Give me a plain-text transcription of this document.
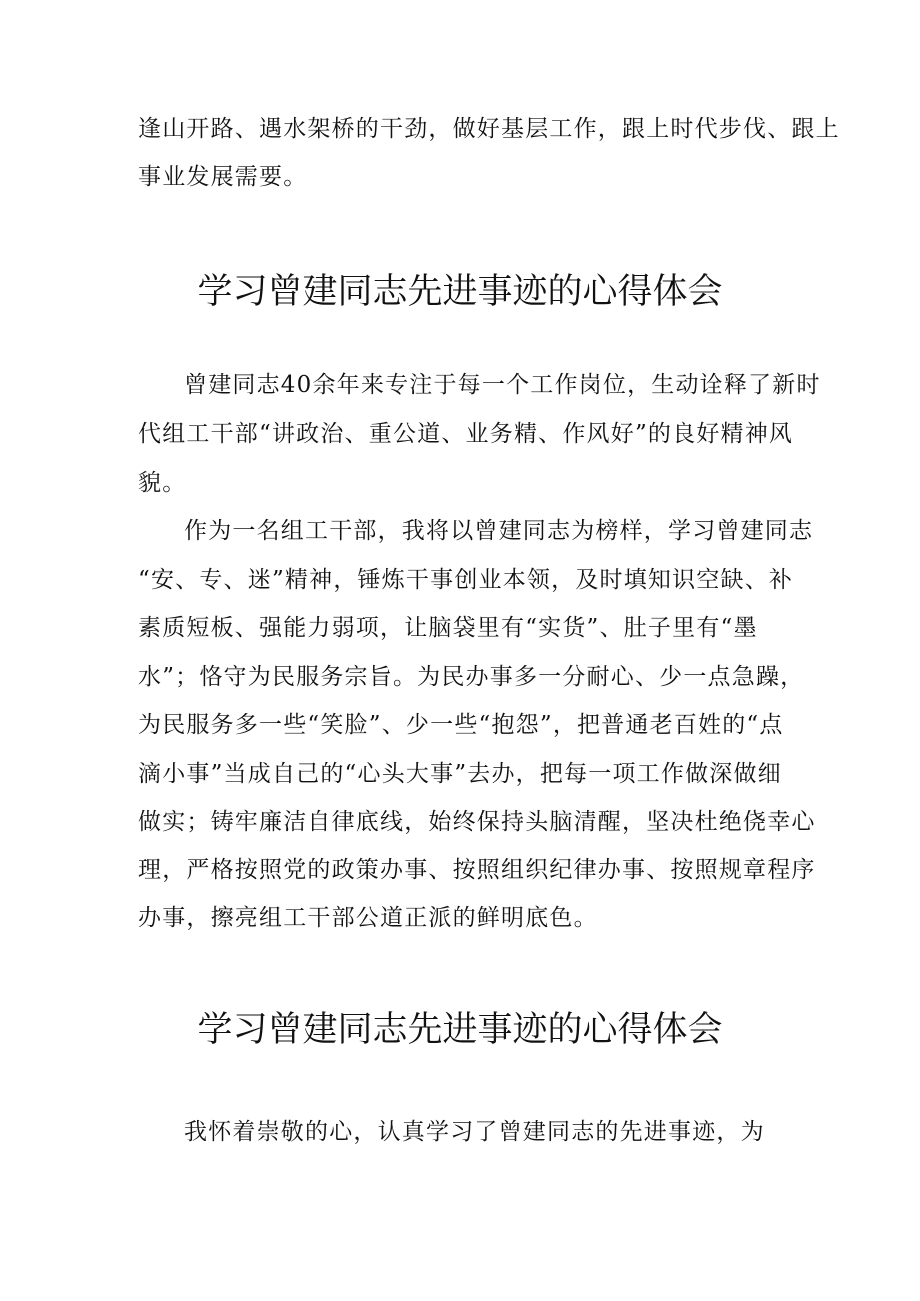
逢山开路、遇水架桥的干劲，做好基层工作，跟上时代步伐、跟上
事业发展需要。
学习曾建同志先进事迹的心得体会
曾建同志40余年来专注于每一个工作岗位，生动诠释了新时
代组工干部“讲政治、重公道、业务精、作风好”的良好精神风
貌。
作为一名组工干部，我将以曾建同志为榜样，学习曾建同志
“安、专、迷”精神，锤炼干事创业本领，及时填知识空缺、补
素质短板、强能力弱项，让脑袋里有“实货”、肚子里有“墨
水”；恪守为民服务宗旨。为民办事多一分耐心、少一点急躁，
为民服务多一些“笑脸”、少一些“抱怨”，把普通老百姓的“点
滴小事”当成自己的“心头大事”去办，把每一项工作做深做细
做实；铸牢廉洁自律底线，始终保持头脑清醒，坚决杜绝侥幸心
理，严格按照党的政策办事、按照组织纪律办事、按照规章程序
办事，擦亮组工干部公道正派的鲜明底色。
学习曾建同志先进事迹的心得体会
我怀着崇敬的心，认真学习了曾建同志的先进事迹，为
